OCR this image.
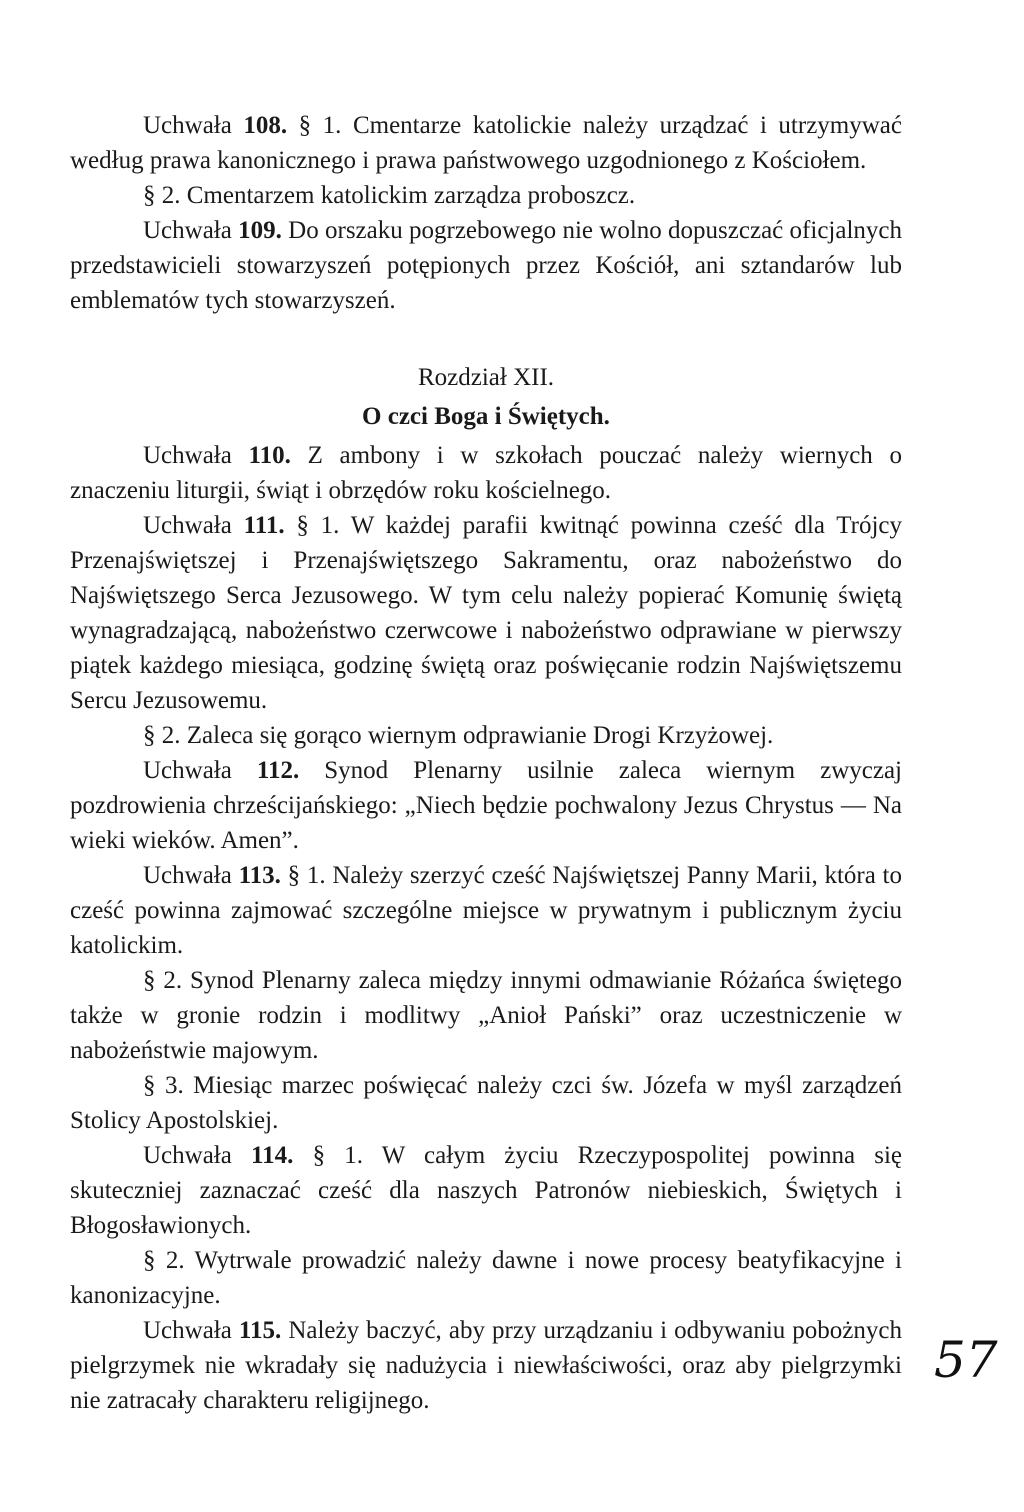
Uchwała 108. § 1. Cmentarze katolickie należy urządzać i utrzymywać według prawa kanonicznego i prawa państwowego uzgodnionego z Kościołem.

§ 2. Cmentarzem katolickim zarządza proboszcz.

Uchwała 109. Do orszaku pogrzebowego nie wolno dopuszczać oficjalnych przedstawicieli stowarzyszeń potępionych przez Kościół, ani sztandarów lub emblematów tych stowarzyszeń.

Rozdział XII.

O czci Boga i Świętych.

Uchwała 110. Z ambony i w szkołach pouczać należy wiernych o znaczeniu liturgii, świąt i obrzędów roku kościelnego.

Uchwała 111. § 1. W każdej parafii kwitnąć powinna cześć dla Trójcy Przenajświętszej i Przenajświętszego Sakramentu, oraz nabożeństwo do Najświętszego Serca Jezusowego. W tym celu należy popierać Komunię świętą wynagradzającą, nabożeństwo czerwcowe i nabożeństwo odprawiane w pierwszy piątek każdego miesiąca, godzinę świętą oraz poświęcanie rodzin Najświętszemu Sercu Jezusowemu.

§ 2. Zaleca się gorąco wiernym odprawianie Drogi Krzyżowej.

Uchwała 112. Synod Plenarny usilnie zaleca wiernym zwyczaj pozdrowienia chrześcijańskiego: „Niech będzie pochwalony Jezus Chrystus — Na wieki wieków. Amen”.

Uchwała 113. § 1. Należy szerzyć cześć Najświętszej Panny Marii, która to cześć powinna zajmować szczególne miejsce w prywatnym i publicznym życiu katolickim.

§ 2. Synod Plenarny zaleca między innymi odmawianie Różańca świętego także w gronie rodzin i modlitwy „Anioł Pański” oraz uczestniczenie w nabożeństwie majowym.

§ 3. Miesiąc marzec poświęcać należy czci św. Józefa w myśl zarządzeń Stolicy Apostolskiej.

Uchwała 114. § 1. W całym życiu Rzeczypospolitej powinna się skuteczniej zaznaczać cześć dla naszych Patronów niebieskich, Świętych i Błogosławionych.

§ 2. Wytrwale prowadzić należy dawne i nowe procesy beatyfikacyjne i kanonizacyjne.

Uchwała 115. Należy baczyć, aby przy urządzaniu i odbywaniu pobożnych pielgrzymek nie wkradały się nadużycia i niewłaściwości, oraz aby pielgrzymki nie zatracały charakteru religijnego.

57
